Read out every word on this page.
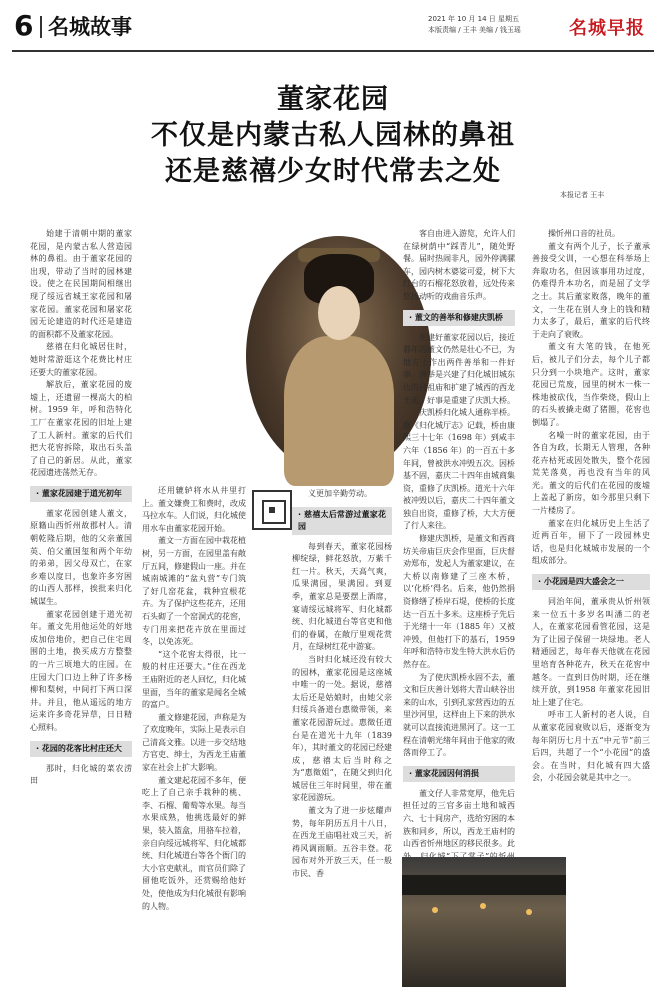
6 名城故事	2021 年 10 月 14 日 星期五
本版责编 / 王丰 美编 / 钱玉瑶	名城早报
董家花园
不仅是内蒙古私人园林的鼻祖
还是慈禧少女时代常去之处
本报记者 王丰

始建于清朝中期的董家花园，是内蒙古私人营造园林的鼻祖。由于董家花园的出现，带动了当时的园林建设。使之在民国期间相继出现了绥远省城王家花园和屠家花园。董家花园和屠家花园无论建造的时代还是建造的面积都不及董家花园。

慈禧在归化城居住时，她时常游逛这个花费比村庄还要大的董家花园。

解放后，董家花园的废墟上，还遗留一棵高大的柏树。1959 年，呼和浩特化工厂在董家花园的旧址上建了工人新村。董家的后代们把大花窖拆除，取出石头盖了自己的新居。从此，董家花园遗迹荡然无存。

· 董家花园建于道光初年

董家花园创建人董文，原籍山西忻州故郡村人。清朝乾隆后期，他的父亲董国英、伯父董国玺和两个年幼的弟弟，因父母双亡，在家乡难以度日，也象许多穷困的山西人那样，挨批来归化城谋生。

董家花园创建于道光初年。董文先用他运处的好地成加倍地价，把自己住宅周围的土地，换买成方方整整的一片三顷地大的庄园。在庄园大门口边上种了许多杨柳和梨树，中间打下两口深井。并且，他从遥远的地方运来许多奇花异草，日日精心照料。

· 花园的花客比村庄还大

那时，归化城的菜农涝田

还用辘轳将水从井里打上。董文嫌费工和费时，改成马拉水车。人们说，归化城使用水车由董家花园开始。

董文一方面在园中栽花植树，另一方面，在园里盖有敞厅五间，修建假山一座。并在城南城滩的“盆丸营”专门筑了好几窑花盆，栽种宜根花卉。为了保护这些花卉，还用石头砌了一个窑洞式的花窖，专门用来把花卉放在里面过冬，以免冻死。

“这个花窖太得很，比一般的村庄还要大。”住在西龙王庙附近的老人回忆，归化城里面，当年的董家是闻名全城的富户。

董文修建花园，声称是为了欢度晚年，实际上是表示自己清高文雅。以进一步交结地方官吏、绅士，为西龙王庙董家在社会上扩大影响。

董文建起花园不多年，便吃上了自己亲手栽种的桃、李、石榴、葡萄等水果。每当水果成熟，他挑选最好的鲜果，装入篮盒，用骆车拉着，亲自向绥远城将军、归化城都统、归化城道台等各个衙门的大小官吏献礼，而官员们除了留他吃饭外，还赏赐给他好处，使他成为归化城很有影响的人物。

义更加辛勤劳动。

· 慈禧太后常游过董家花园

每到春天，董家花园杨柳绽绿，鲜花怒放，万紫千红一片。秋天，天高气爽，瓜果满园，果满园。到夏季，董家总是要摆上酒席，宴请绥远城将军、归化城都统、归化城道台等官吏和他们的眷属，在敞厅里观花赏月，在绿树红花中游宴。

当时归化城还没有较大的园林，董家花园是这座城中唯一的一处。据说，慈禧太后还是姑娘时，由她父亲归绥兵备道台惠徵带领，来董家花园游玩过。惠徵任道台是在道光十九年（1839 年），其时董文的花园已经建成，慈禧太后当时称之为“惠徵姐”，在随父到归化城居住三年时间里，带在董家花园游玩。

董文为了进一步炫耀声势，每年阴历五月十八日，在西龙王庙唱社戏三天，祈祷风调雨顺。五谷丰登。花园布对外开放三天，任一般市民、香

客自由进入游览，允许人们在绿树荫中“踩青儿”，随处野餐。届时热闹非凡，园外停满骡车，园内树木婆娑可爱，树下大红台的石榴花怒放着，远处传来悠扬动听的戏曲音乐声。

· 董文的善举和修建庆凯桥

在建好董家花园以后，接近暮年的董文仍然是壮心不已，为地方上作出两件善举和一件好事。善举是兴建了归化城旧城东边的昌祖庙和扩建了城西的西龙王庙，好事是重建了庆凯大桥。

庆凯桥归化城人通称半桥。据《归化城厅志》记载，桥由康熙三十七年（1698 年）到咸丰六年（1856 年）的一百五十多年间，曾被洪水冲毁五次。因桥基不固，嘉庆二十四年由城商集资，重修了庆凯桥。道光十六年被冲毁以后，嘉庆二十四年董文独自出资，重修了桥，大大方便了行人来往。

修建庆凯桥，是董文和西商坊关帝庙巨庆会作里面，巨庆督劝郑布，发起人为董家建议，在大桥以南修建了三座木桥，以‘化桥’得名。后来，他仍然捐资修缮了桥岸石堤，使桥的长度达一百五十多米。这座桥子先后于光绪十一年（1885 年）又被冲毁，但他打下的基石，1959 年呼和浩特市发生特大洪水后仍然存在。

为了使庆凯桥永固不去，董文和巨庆善计划将大青山峡谷出来的山水，引到孔家营西边的五里沙河里，这样由上下来的洪水就可以直接流进黑河了。这一工程在清朝光绪年间由于他家的败落而停工了。

· 董家花园因何消损

董文仔人非常宽厚，他先后担任过的三官多亩土地和城西六、七十间房产，选给穷困的本族和同乡，所以，西龙王庙村的山西省忻州地区的移民很多。此

操忻州口音的社员。

董文有两个儿子，长子董承善接受父训，一心想在科举场上奔取功名，但因该事用功过度，仍难得升本功名，而是屈了文学之士。其后董家败落，晚年的董文，一生花在别人身上的钱和精力太多了，最后，董家的后代终于走向了衰败。

董文有大笔的钱，在他死后，被儿子们分去，每个儿子都只分到一小块地产。这时，董家花园已荒废，园里的树木一株一株地被砍伐，当作柴烧，假山上的石头被撬走砌了猪圈，花窖也倒塌了。

名噪一时的董家花园，由于各自为政，长期无人管理，各种花卉枯死或因处散失，整个花园荒芜落莫，再也没有当年的风光。董文的后代们在花园的废墟上盖起了新房，如今那里只剩下一片楼房了。

董家在归化城历史上生活了近两百年，留下了一段园林史话，也是归化城城市发展的一个组成部分。

· 小花园是四大盛会之一

同治年间，董承贵从忻州领来一位五十多岁名叫潘二的老人，在董家花园看管花园，这是为了让园子保留一块绿地。老人精通园艺，每年春天他就在花园里培育各种花卉，秋天在花窖中越冬。一直到日伪时期，还在继续开放，到1958 年董家花园旧址上建了住宅。

呼市工人新村的老人说，自从董家花园衰败以后，逐渐变为每年阴历七月十五“中元节”前三后四，共超了一个“小花园”的盛会。在当时，归化城有四大盛会，小花园会就是其中之一。
